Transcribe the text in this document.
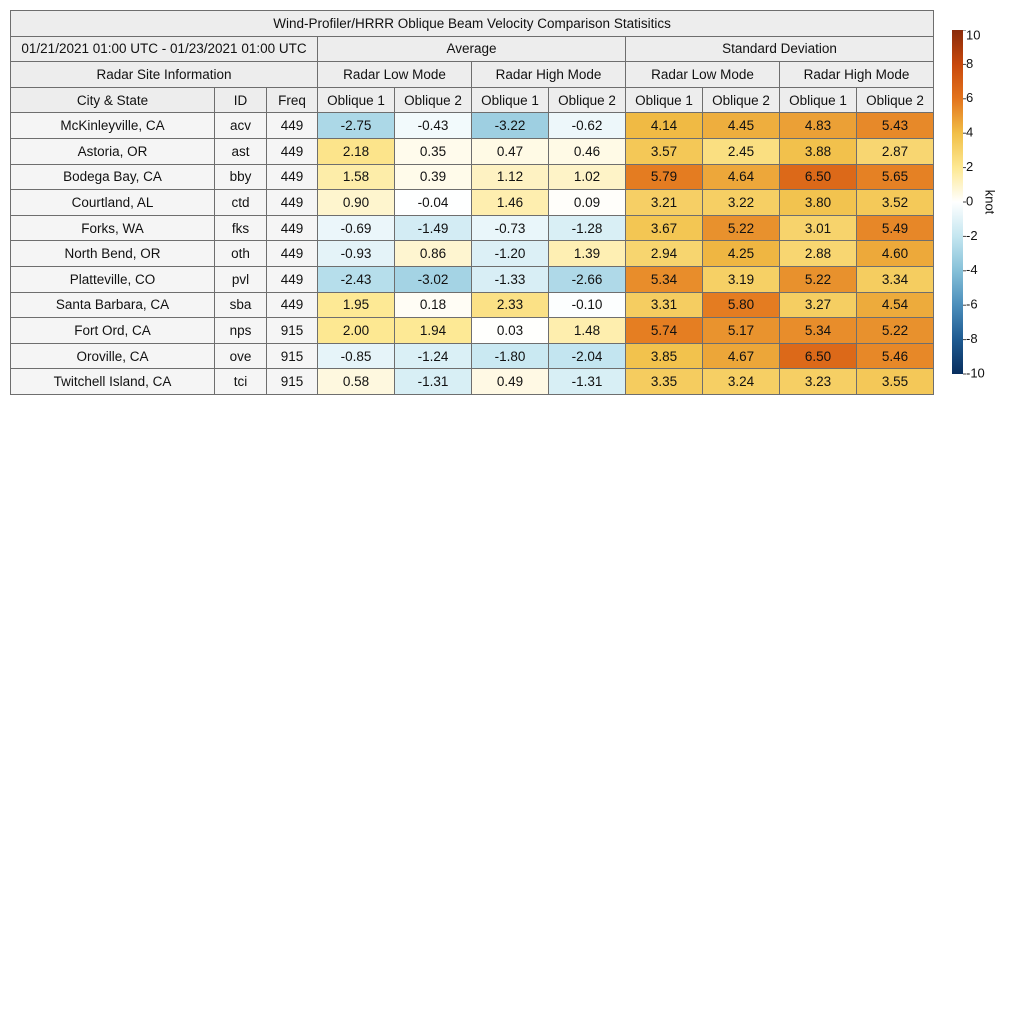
Wind-Profiler/HRRR Oblique Beam Velocity Comparison Statisitics										
01/21/2021 01:00 UTC - 01/23/2021 01:00 UTC			Average				Standard Deviation			
Radar Site Information			Radar Low Mode		Radar High Mode		Radar Low Mode		Radar High Mode	
City & State	ID	Freq	Oblique 1	Oblique 2	Oblique 1	Oblique 2	Oblique 1	Oblique 2	Oblique 1	Oblique 2
McKinleyville, CA	acv	449	-2.75	-0.43	-3.22	-0.62	4.14	4.45	4.83	5.43
Astoria, OR	ast	449	2.18	0.35	0.47	0.46	3.57	2.45	3.88	2.87
Bodega Bay, CA	bby	449	1.58	0.39	1.12	1.02	5.79	4.64	6.50	5.65
Courtland, AL	ctd	449	0.90	-0.04	1.46	0.09	3.21	3.22	3.80	3.52
Forks, WA	fks	449	-0.69	-1.49	-0.73	-1.28	3.67	5.22	3.01	5.49
North Bend, OR	oth	449	-0.93	0.86	-1.20	1.39	2.94	4.25	2.88	4.60
Platteville, CO	pvl	449	-2.43	-3.02	-1.33	-2.66	5.34	3.19	5.22	3.34
Santa Barbara, CA	sba	449	1.95	0.18	2.33	-0.10	3.31	5.80	3.27	4.54
Fort Ord, CA	nps	915	2.00	1.94	0.03	1.48	5.74	5.17	5.34	5.22
Oroville, CA	ove	915	-0.85	-1.24	-1.80	-2.04	3.85	4.67	6.50	5.46
Twitchell Island, CA	tci	915	0.58	-1.31	0.49	-1.31	3.35	3.24	3.23	3.55
10
8
6
4
2
0
-2
-4
-6
-8
-10
knot
